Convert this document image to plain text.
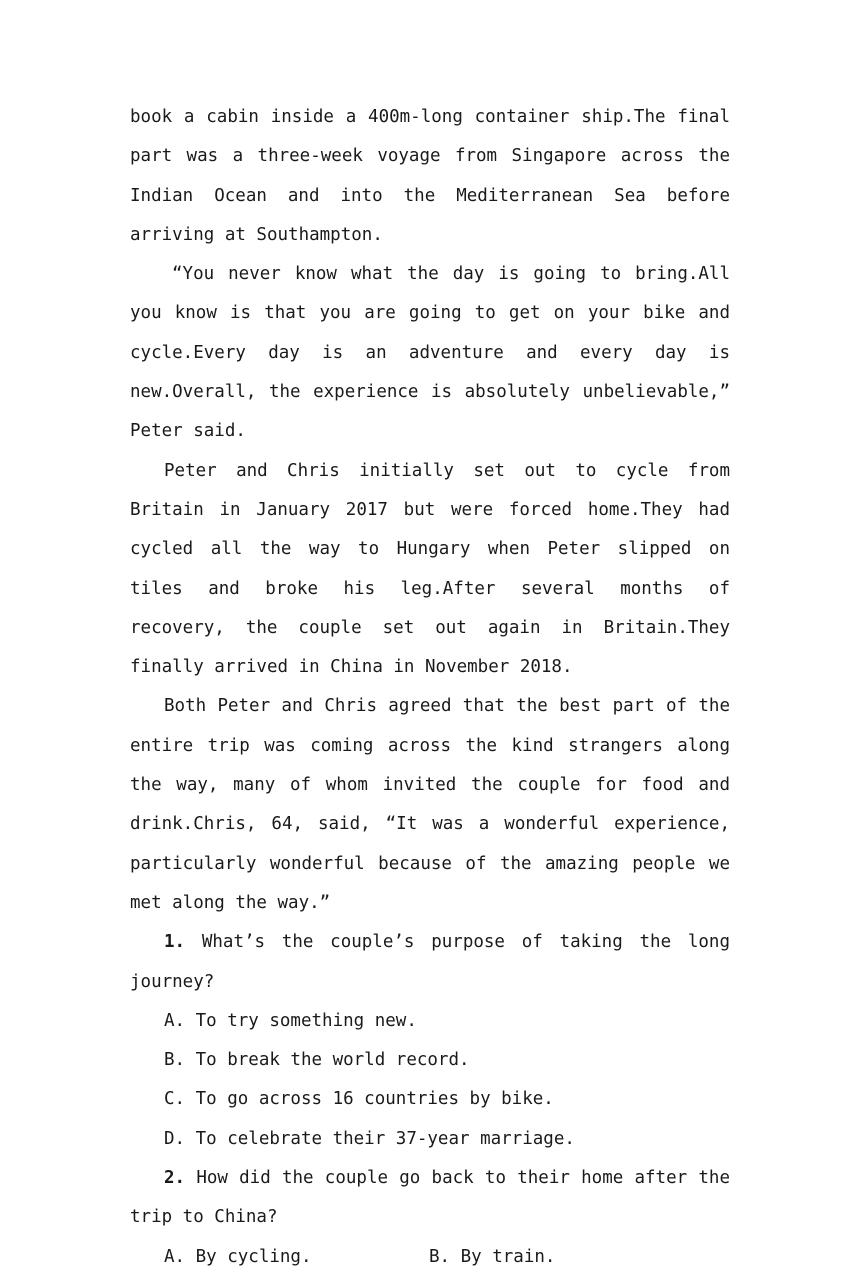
book a cabin inside a 400m-long container ship.The final part was a three-week voyage from Singapore across the Indian Ocean and into the Mediterranean Sea before arriving at Southampton.

“You never know what the day is going to bring.All you know is that you are going to get on your bike and cycle.Every day is an adventure and every day is new.Overall, the experience is absolutely unbelievable,” Peter said.

Peter and Chris initially set out to cycle from Britain in January 2017 but were forced home.They had cycled all the way to Hungary when Peter slipped on tiles and broke his leg.After several months of recovery, the couple set out again in Britain.They finally arrived in China in November 2018.

Both Peter and Chris agreed that the best part of the entire trip was coming across the kind strangers along the way, many of whom invited the couple for food and drink.Chris, 64, said, “It was a wonderful experience, particularly wonderful because of the amazing people we met along the way.”

1. What’s the couple’s purpose of taking the long journey?

A. To try something new.

B. To break the world record.

C. To go across 16 countries by bike.

D. To celebrate their 37-year marriage.

2. How did the couple go back to their home after the trip to China?

A. By cycling.	B. By train.
